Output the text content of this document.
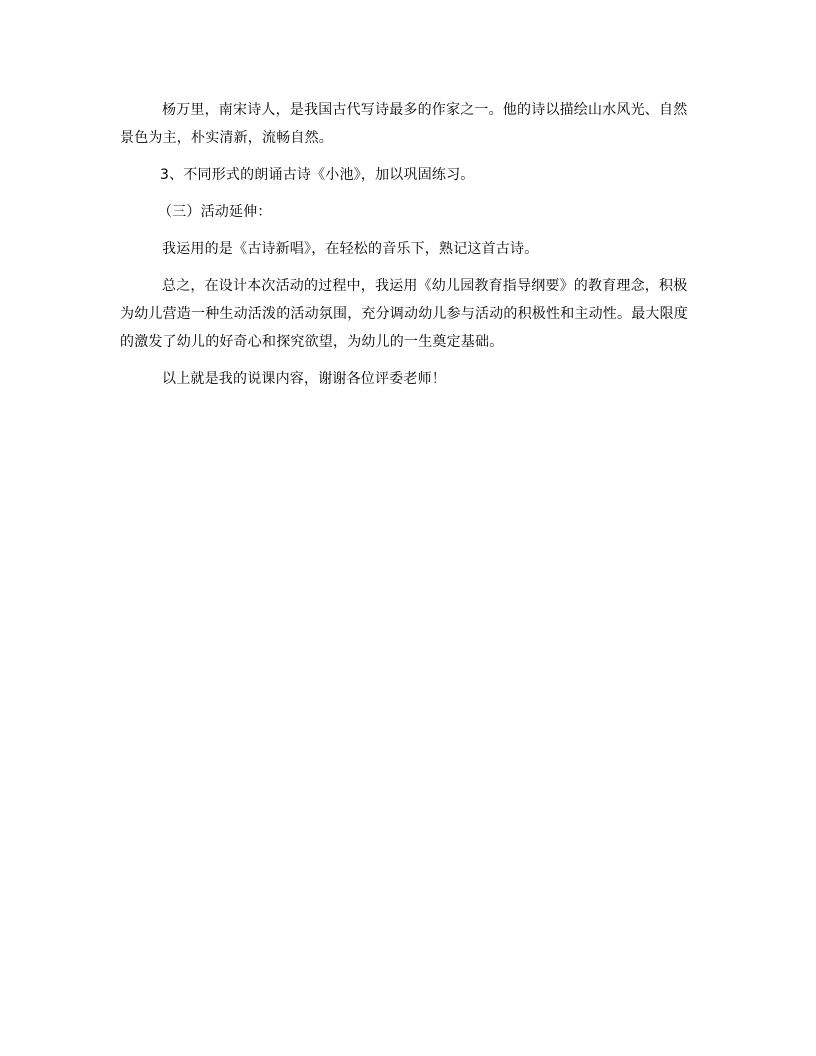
杨万里，南宋诗人，是我国古代写诗最多的作家之一。他的诗以描绘山水风光、自然景色为主，朴实清新，流畅自然。

3、不同形式的朗诵古诗《小池》，加以巩固练习。

（三）活动延伸：

我运用的是《古诗新唱》，在轻松的音乐下，熟记这首古诗。

总之，在设计本次活动的过程中，我运用《幼儿园教育指导纲要》的教育理念，积极为幼儿营造一种生动活泼的活动氛围，充分调动幼儿参与活动的积极性和主动性。最大限度的激发了幼儿的好奇心和探究欲望，为幼儿的一生奠定基础。

以上就是我的说课内容，谢谢各位评委老师！
